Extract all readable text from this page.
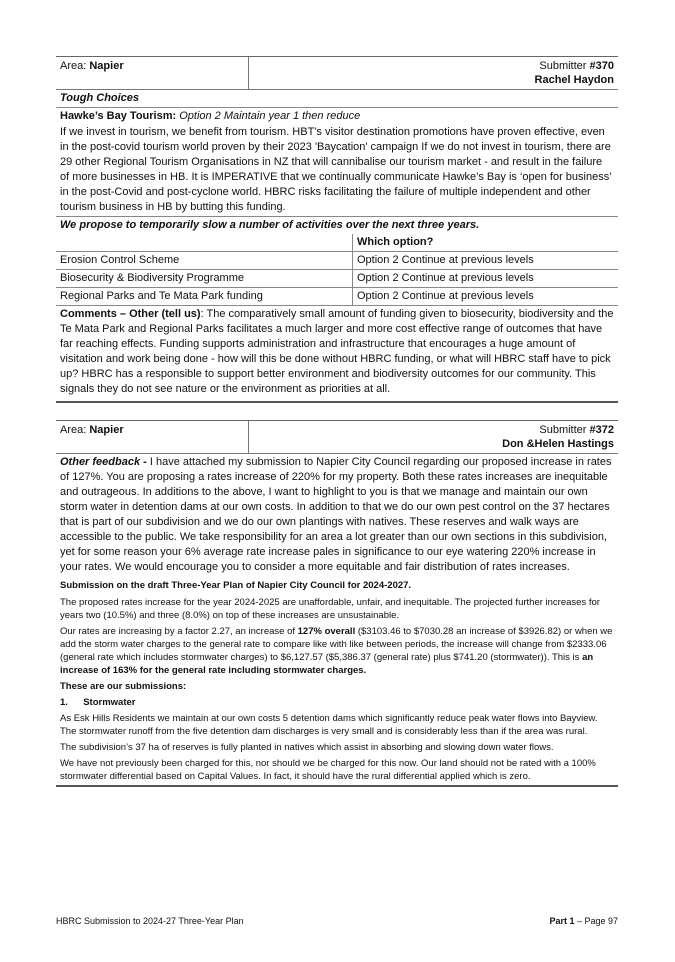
Area: Napier	Submitter #370
Rachel Haydon
Tough Choices
Hawke’s Bay Tourism: Option 2 Maintain year 1 then reduce
If we invest in tourism, we benefit from tourism. HBT's visitor destination promotions have proven effective, even in the post-covid tourism world proven by their 2023 'Baycation' campaign If we do not invest in tourism, there are 29 other Regional Tourism Organisations in NZ that will cannibalise our tourism market - and result in the failure of more businesses in HB. It is IMPERATIVE that we continually communicate Hawke’s Bay is ‘open for business’ in the post-Covid and post-cyclone world. HBRC risks facilitating the failure of multiple independent and other tourism business in HB by butting this funding.
We propose to temporarily slow a number of activities over the next three years.
	Which option?
Erosion Control Scheme	Option 2 Continue at previous levels
Biosecurity & Biodiversity Programme	Option 2 Continue at previous levels
Regional Parks and Te Mata Park funding	Option 2 Continue at previous levels
Comments – Other (tell us): The comparatively small amount of funding given to biosecurity, biodiversity and the Te Mata Park and Regional Parks facilitates a much larger and more cost effective range of outcomes that have far reaching effects. Funding supports administration and infrastructure that encourages a huge amount of visitation and work being done - how will this be done without HBRC funding, or what will HBRC staff have to pick up? HBRC has a responsible to support better environment and biodiversity outcomes for our community. This signals they do not see nature or the environment as priorities at all.
Area: Napier	Submitter #372
Don &Helen Hastings
Other feedback - I have attached my submission to Napier City Council regarding our proposed increase in rates of 127%. You are proposing a rates increase of 220% for my property. Both these rates increases are inequitable and outrageous. In additions to the above, I want to highlight to you is that we manage and maintain our own storm water in detention dams at our own costs. In addition to that we do our own pest control on the 37 hectares that is part of our subdivision and we do our own plantings with natives. These reserves and walk ways are accessible to the public. We take responsibility for an area a lot greater than our own sections in this subdivision, yet for some reason your 6% average rate increase pales in significance to our eye watering 220% increase in your rates. We would encourage you to consider a more equitable and fair distribution of rates increases.
Submission on the draft Three-Year Plan of Napier City Council for 2024-2027.
The proposed rates increase for the year 2024-2025 are unaffordable, unfair, and inequitable. The projected further increases for years two (10.5%) and three (8.0%) on top of these increases are unsustainable.
Our rates are increasing by a factor 2.27, an increase of 127% overall ($3103.46 to $7030.28 an increase of $3926.82) or when we add the storm water charges to the general rate to compare like with like between periods, the increase will change from $2333.06 (general rate which includes stormwater charges) to $6,127.57 ($5,386.37 (general rate) plus $741.20 (stormwater)). This is an increase of 163% for the general rate including stormwater charges.
These are our submissions:
1. Stormwater
As Esk Hills Residents we maintain at our own costs 5 detention dams which significantly reduce peak water flows into Bayview. The stormwater runoff from the five detention dam discharges is very small and is considerably less than if the area was rural.
The subdivision’s 37 ha of reserves is fully planted in natives which assist in absorbing and slowing down water flows.
We have not previously been charged for this, nor should we be charged for this now. Our land should not be rated with a 100% stormwater differential based on Capital Values. In fact, it should have the rural differential applied which is zero.
HBRC Submission to 2024-27 Three-Year Plan	Part 1 – Page 97
